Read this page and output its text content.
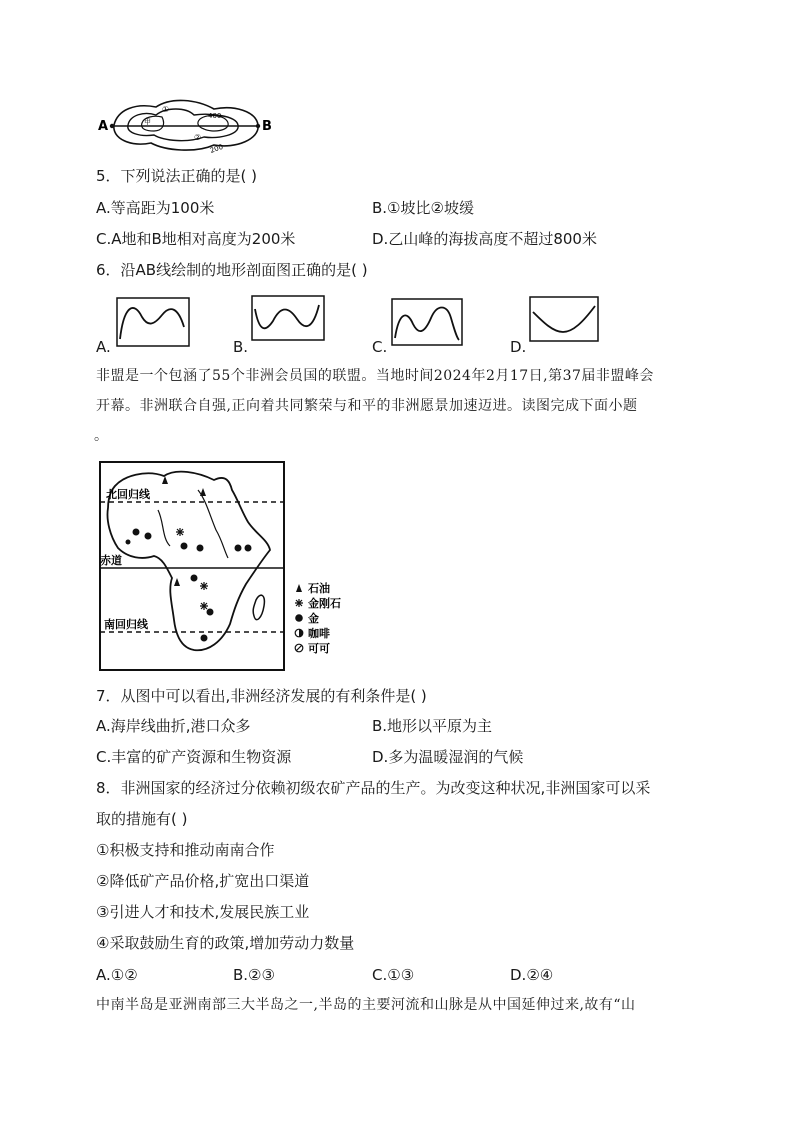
A	B
①
甲
400
②
200
5．下列说法正确的是( )
A.等高距为100米	B.①坡比②坡缓
C.A地和B地相对高度为200米	D.乙山峰的海拔高度不超过800米
6．沿AB线绘制的地形剖面图正确的是( )
A.	B.	C.	D.
非盟是一个包涵了55个非洲会员国的联盟。当地时间2024年2月17日,第37届非盟峰会
开幕。非洲联合自强,正向着共同繁荣与和平的非洲愿景加速迈进。读图完成下面小题
。
北回归线
赤道
南回归线
石油
金刚石
金
咖啡
可可
7．从图中可以看出,非洲经济发展的有利条件是( )
A.海岸线曲折,港口众多	B.地形以平原为主
C.丰富的矿产资源和生物资源	D.多为温暖湿润的气候
8．非洲国家的经济过分依赖初级农矿产品的生产。为改变这种状况,非洲国家可以采
取的措施有( )
①积极支持和推动南南合作
②降低矿产品价格,扩宽出口渠道
③引进人才和技术,发展民族工业
④采取鼓励生育的政策,增加劳动力数量
A.①②	B.②③	C.①③	D.②④
中南半岛是亚洲南部三大半岛之一,半岛的主要河流和山脉是从中国延伸过来,故有“山
